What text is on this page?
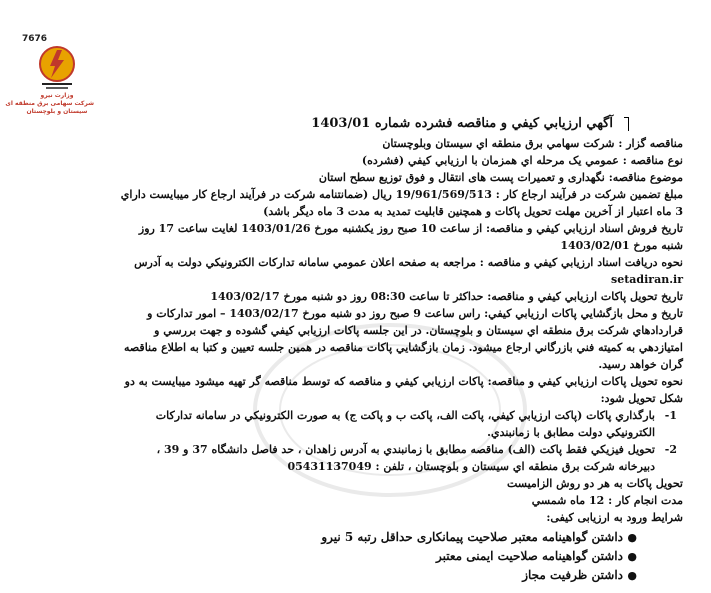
7676
وزارت نیرو
شرکت سهامی برق منطقه ای
سیستان و بلوچستان
آگهي ارزيابي كيفي و مناقصه فشرده شماره 1403/01

مناقصه گزار : شركت سهامي برق منطقه اي سيستان وبلوچستان

نوع مناقصه : عمومي يک مرحله اي همزمان با ارزيابي كيفي (فشرده)

موضوع مناقصه: نگهداری و تعمیرات پست های انتقال و فوق توزیع سطح استان

مبلغ تضمين شركت در فرآيند ارجاع كار : 19/961/569/513 ريال (ضمانتنامه شركت در فرآيند ارجاع كار ميبايست داراي 3 ماه اعتبار از آخرين مهلت تحويل پاكات و همچنين قابليت تمديد به مدت 3 ماه ديگر باشد)

تاريخ فروش اسناد ارزيابي كيفي و مناقصه: از ساعت 10 صبح روز يكشنبه مورخ 1403/01/26 لغايت ساعت 17 روز شنبه مورخ 1403/02/01

نحوه دريافت اسناد ارزيابي كيفي و مناقصه : مراجعه به صفحه اعلان عمومي سامانه تداركات الكترونيكي دولت به آدرس setadiran.ir

تاريخ تحويل پاكات ارزيابي كيفي و مناقصه: حداكثر تا ساعت 08:30 روز دو شنبه مورخ 1403/02/17

تاريخ و محل بازگشايي پاكات ارزيابي كيفي: راس ساعت 9 صبح روز دو شنبه مورخ 1403/02/17 – امور تداركات و قراردادهاي شركت برق منطقه اي سيستان و بلوچستان. در اين جلسه پاكات ارزيابي كيفي گشوده و جهت بررسي و امتيازدهي به كميته فني بازرگاني ارجاع ميشود. زمان بازگشايي پاكات مناقصه در همين جلسه تعيين و كتبا به اطلاع مناقصه گران خواهد رسيد.

نحوه تحويل پاكات ارزيابي كيفي و مناقصه: پاكات ارزيابي كيفي و مناقصه كه توسط مناقصه گر تهيه ميشود ميبايست به دو شكل تحويل شود:

1-
بارگذاري پاكات (پاكت ارزيابي كيفي، پاكت الف، پاكت ب و پاكت ج) به صورت الكترونيكي در سامانه تداركات الكترونيكي دولت مطابق با زمانبندي.
2-
تحويل فيزيكي فقط پاكت (الف) مناقصه مطابق با زمانبندي به آدرس زاهدان ، حد فاصل دانشگاه 37 و 39 ، دبيرخانه شركت برق منطقه اي سيستان و بلوچستان ، تلفن : 05431137049

تحويل پاكات به هر دو روش الزاميست

مدت انجام كار : 12 ماه شمسي

شرایط ورود به ارزیابی کیفی:

●
داشتن گواهینامه معتبر صلاحیت پیمانکاری حداقل رتبه 5 نیرو
●
داشتن گواهینامه صلاحیت ایمنی معتبر
●
داشتن ظرفیت مجاز
